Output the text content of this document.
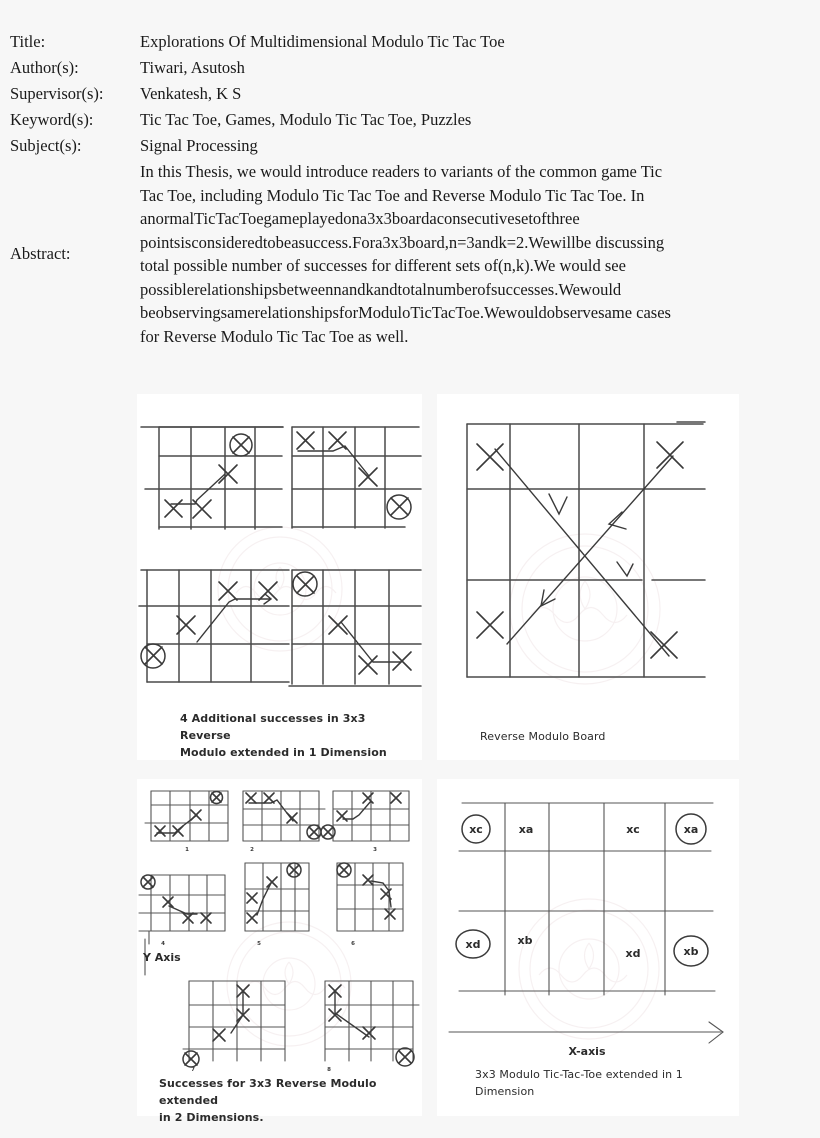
Title:	Explorations Of Multidimensional Modulo Tic Tac Toe
Author(s):	Tiwari, Asutosh
Supervisor(s):	Venkatesh, K S
Keyword(s):	Tic Tac Toe, Games, Modulo Tic Tac Toe, Puzzles
Subject(s):	Signal Processing
Abstract:

In this Thesis, we would introduce readers to variants of the common game Tic

Tac Toe, including Modulo Tic Tac Toe and Reverse Modulo Tic Tac Toe. In

anormalTicTacToegameplayedona3x3boardaconsecutivesetofthree

pointsisconsideredtobeasuccess.Fora3x3board,n=3andk=2.Wewillbe discussing

total possible number of successes for different sets of(n,k).We would see

possiblerelationshipsbetweennandkandtotalnumberofsuccesses.Wewould

beobservingsamerelationshipsforModuloTicTacToe.Wewouldobservesame cases

for Reverse Modulo Tic Tac Toe as well.

4 Additional successes in 3x3 Reverse
Modulo extended in 1 Dimension
Reverse Modulo Board
1	2	3
4	5	6
Y Axis
7	8
Successes for 3x3 Reverse Modulo extended
in 2 Dimensions.
xc	xa	xc	xa
xd	xb
xd	xb
X-axis
3x3 Modulo Tic-Tac-Toe extended in 1
Dimension
